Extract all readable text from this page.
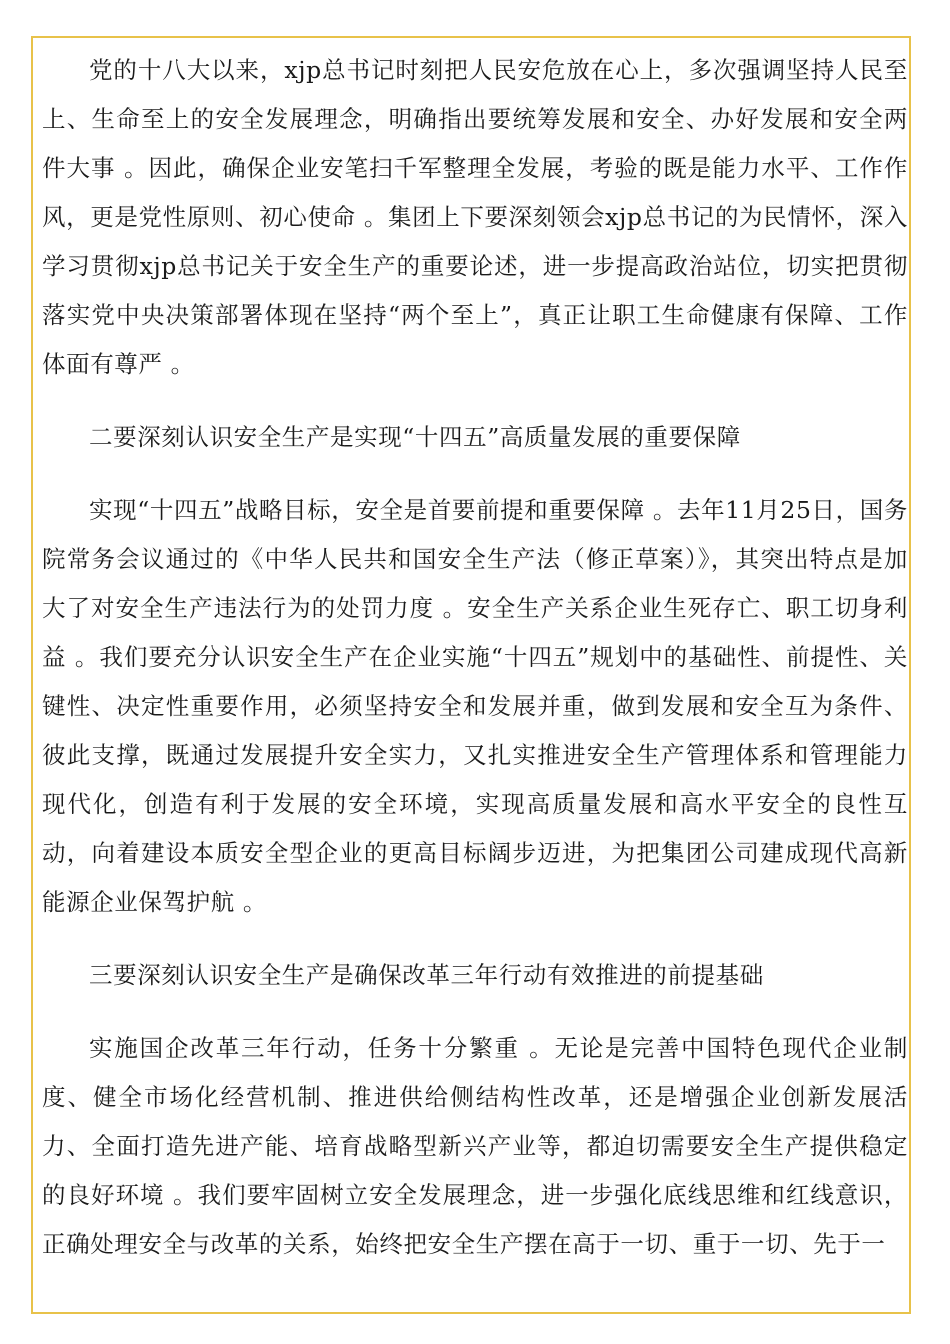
党的十八大以来，xjp总书记时刻把人民安危放在心上，多次强调坚持人民至上、生命至上的安全发展理念，明确指出要统筹发展和安全、办好发展和安全两件大事 。因此，确保企业安笔扫千军整理全发展，考验的既是能力水平、工作作风，更是党性原则、初心使命 。集团上下要深刻领会xjp总书记的为民情怀，深入学习贯彻xjp总书记关于安全生产的重要论述，进一步提高政治站位，切实把贯彻落实党中央决策部署体现在坚持“两个至上”，真正让职工生命健康有保障、工作体面有尊严 。

二要深刻认识安全生产是实现“十四五”高质量发展的重要保障

实现“十四五”战略目标，安全是首要前提和重要保障 。去年11月25日，国务院常务会议通过的《中华人民共和国安全生产法（修正草案）》，其突出特点是加大了对安全生产违法行为的处罚力度 。安全生产关系企业生死存亡、职工切身利益 。我们要充分认识安全生产在企业实施“十四五”规划中的基础性、前提性、关键性、决定性重要作用，必须坚持安全和发展并重，做到发展和安全互为条件、彼此支撑，既通过发展提升安全实力，又扎实推进安全生产管理体系和管理能力现代化，创造有利于发展的安全环境，实现高质量发展和高水平安全的良性互动，向着建设本质安全型企业的更高目标阔步迈进，为把集团公司建成现代高新能源企业保驾护航 。

三要深刻认识安全生产是确保改革三年行动有效推进的前提基础

实施国企改革三年行动，任务十分繁重 。无论是完善中国特色现代企业制度、健全市场化经营机制、推进供给侧结构性改革，还是增强企业创新发展活力、全面打造先进产能、培育战略型新兴产业等，都迫切需要安全生产提供稳定的良好环境 。我们要牢固树立安全发展理念，进一步强化底线思维和红线意识，正确处理安全与改革的关系，始终把安全生产摆在高于一切、重于一切、先于一
